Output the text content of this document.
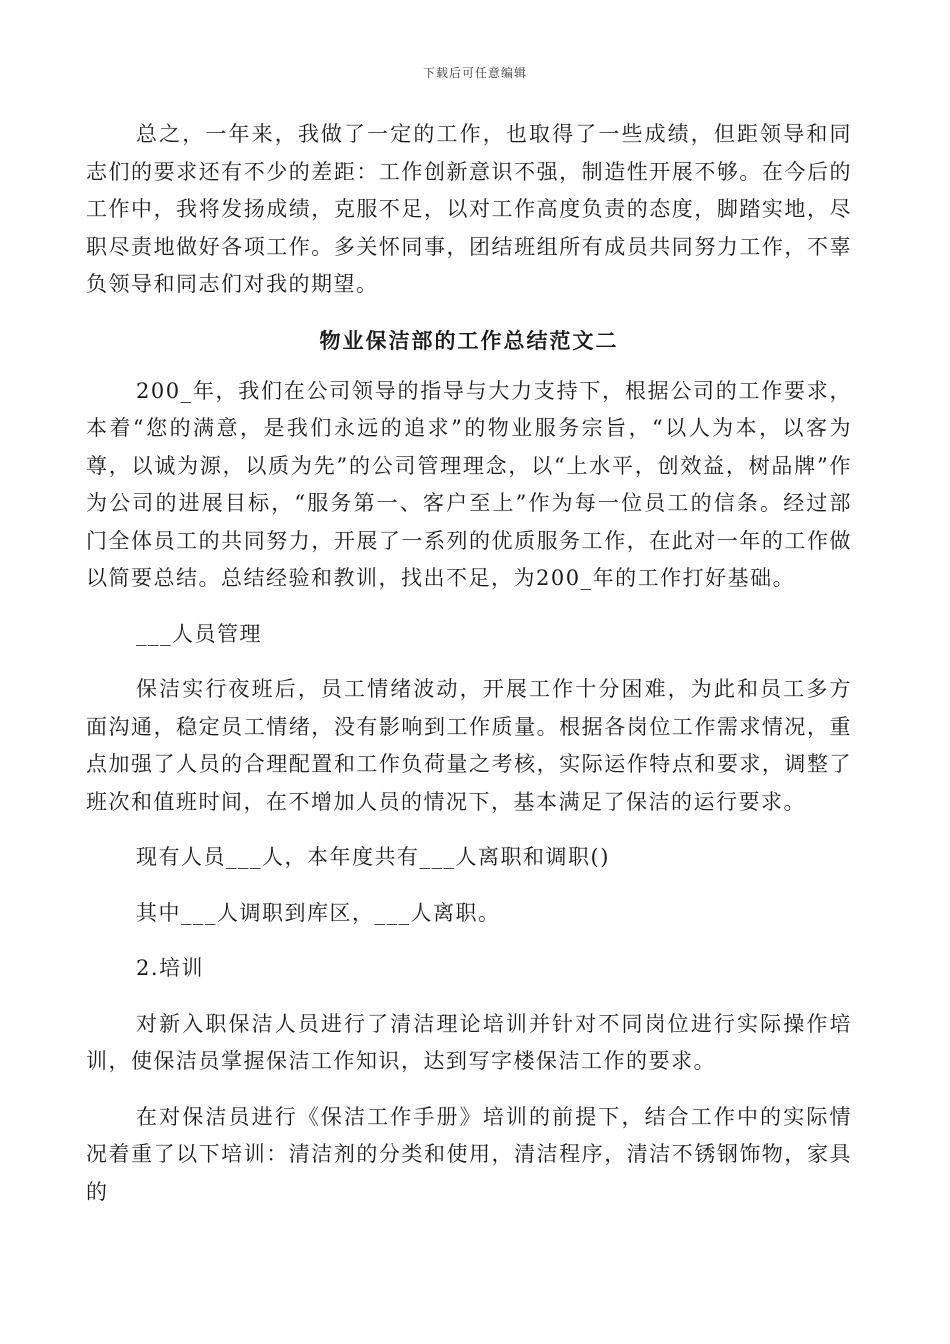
下载后可任意编辑

总之，一年来，我做了一定的工作，也取得了一些成绩，但距领导和同志们的要求还有不少的差距：工作创新意识不强，制造性开展不够。在今后的工作中，我将发扬成绩，克服不足，以对工作高度负责的态度，脚踏实地，尽职尽责地做好各项工作。多关怀同事，团结班组所有成员共同努力工作，不辜负领导和同志们对我的期望。

物业保洁部的工作总结范文二

200_年，我们在公司领导的指导与大力支持下，根据公司的工作要求，本着“您的满意，是我们永远的追求”的物业服务宗旨，“以人为本，以客为尊，以诚为源，以质为先”的公司管理理念，以“上水平，创效益，树品牌”作为公司的进展目标，“服务第一、客户至上”作为每一位员工的信条。经过部门全体员工的共同努力，开展了一系列的优质服务工作，在此对一年的工作做以简要总结。总结经验和教训，找出不足，为200_年的工作打好基础。

___人员管理

保洁实行夜班后，员工情绪波动，开展工作十分困难，为此和员工多方面沟通，稳定员工情绪，没有影响到工作质量。根据各岗位工作需求情况，重点加强了人员的合理配置和工作负荷量之考核，实际运作特点和要求，调整了班次和值班时间，在不增加人员的情况下，基本满足了保洁的运行要求。

现有人员___人，本年度共有___人离职和调职()

其中___人调职到库区，___人离职。

2.培训

对新入职保洁人员进行了清洁理论培训并针对不同岗位进行实际操作培训，使保洁员掌握保洁工作知识，达到写字楼保洁工作的要求。

在对保洁员进行《保洁工作手册》培训的前提下，结合工作中的实际情况着重了以下培训：清洁剂的分类和使用，清洁程序，清洁不锈钢饰物，家具的
